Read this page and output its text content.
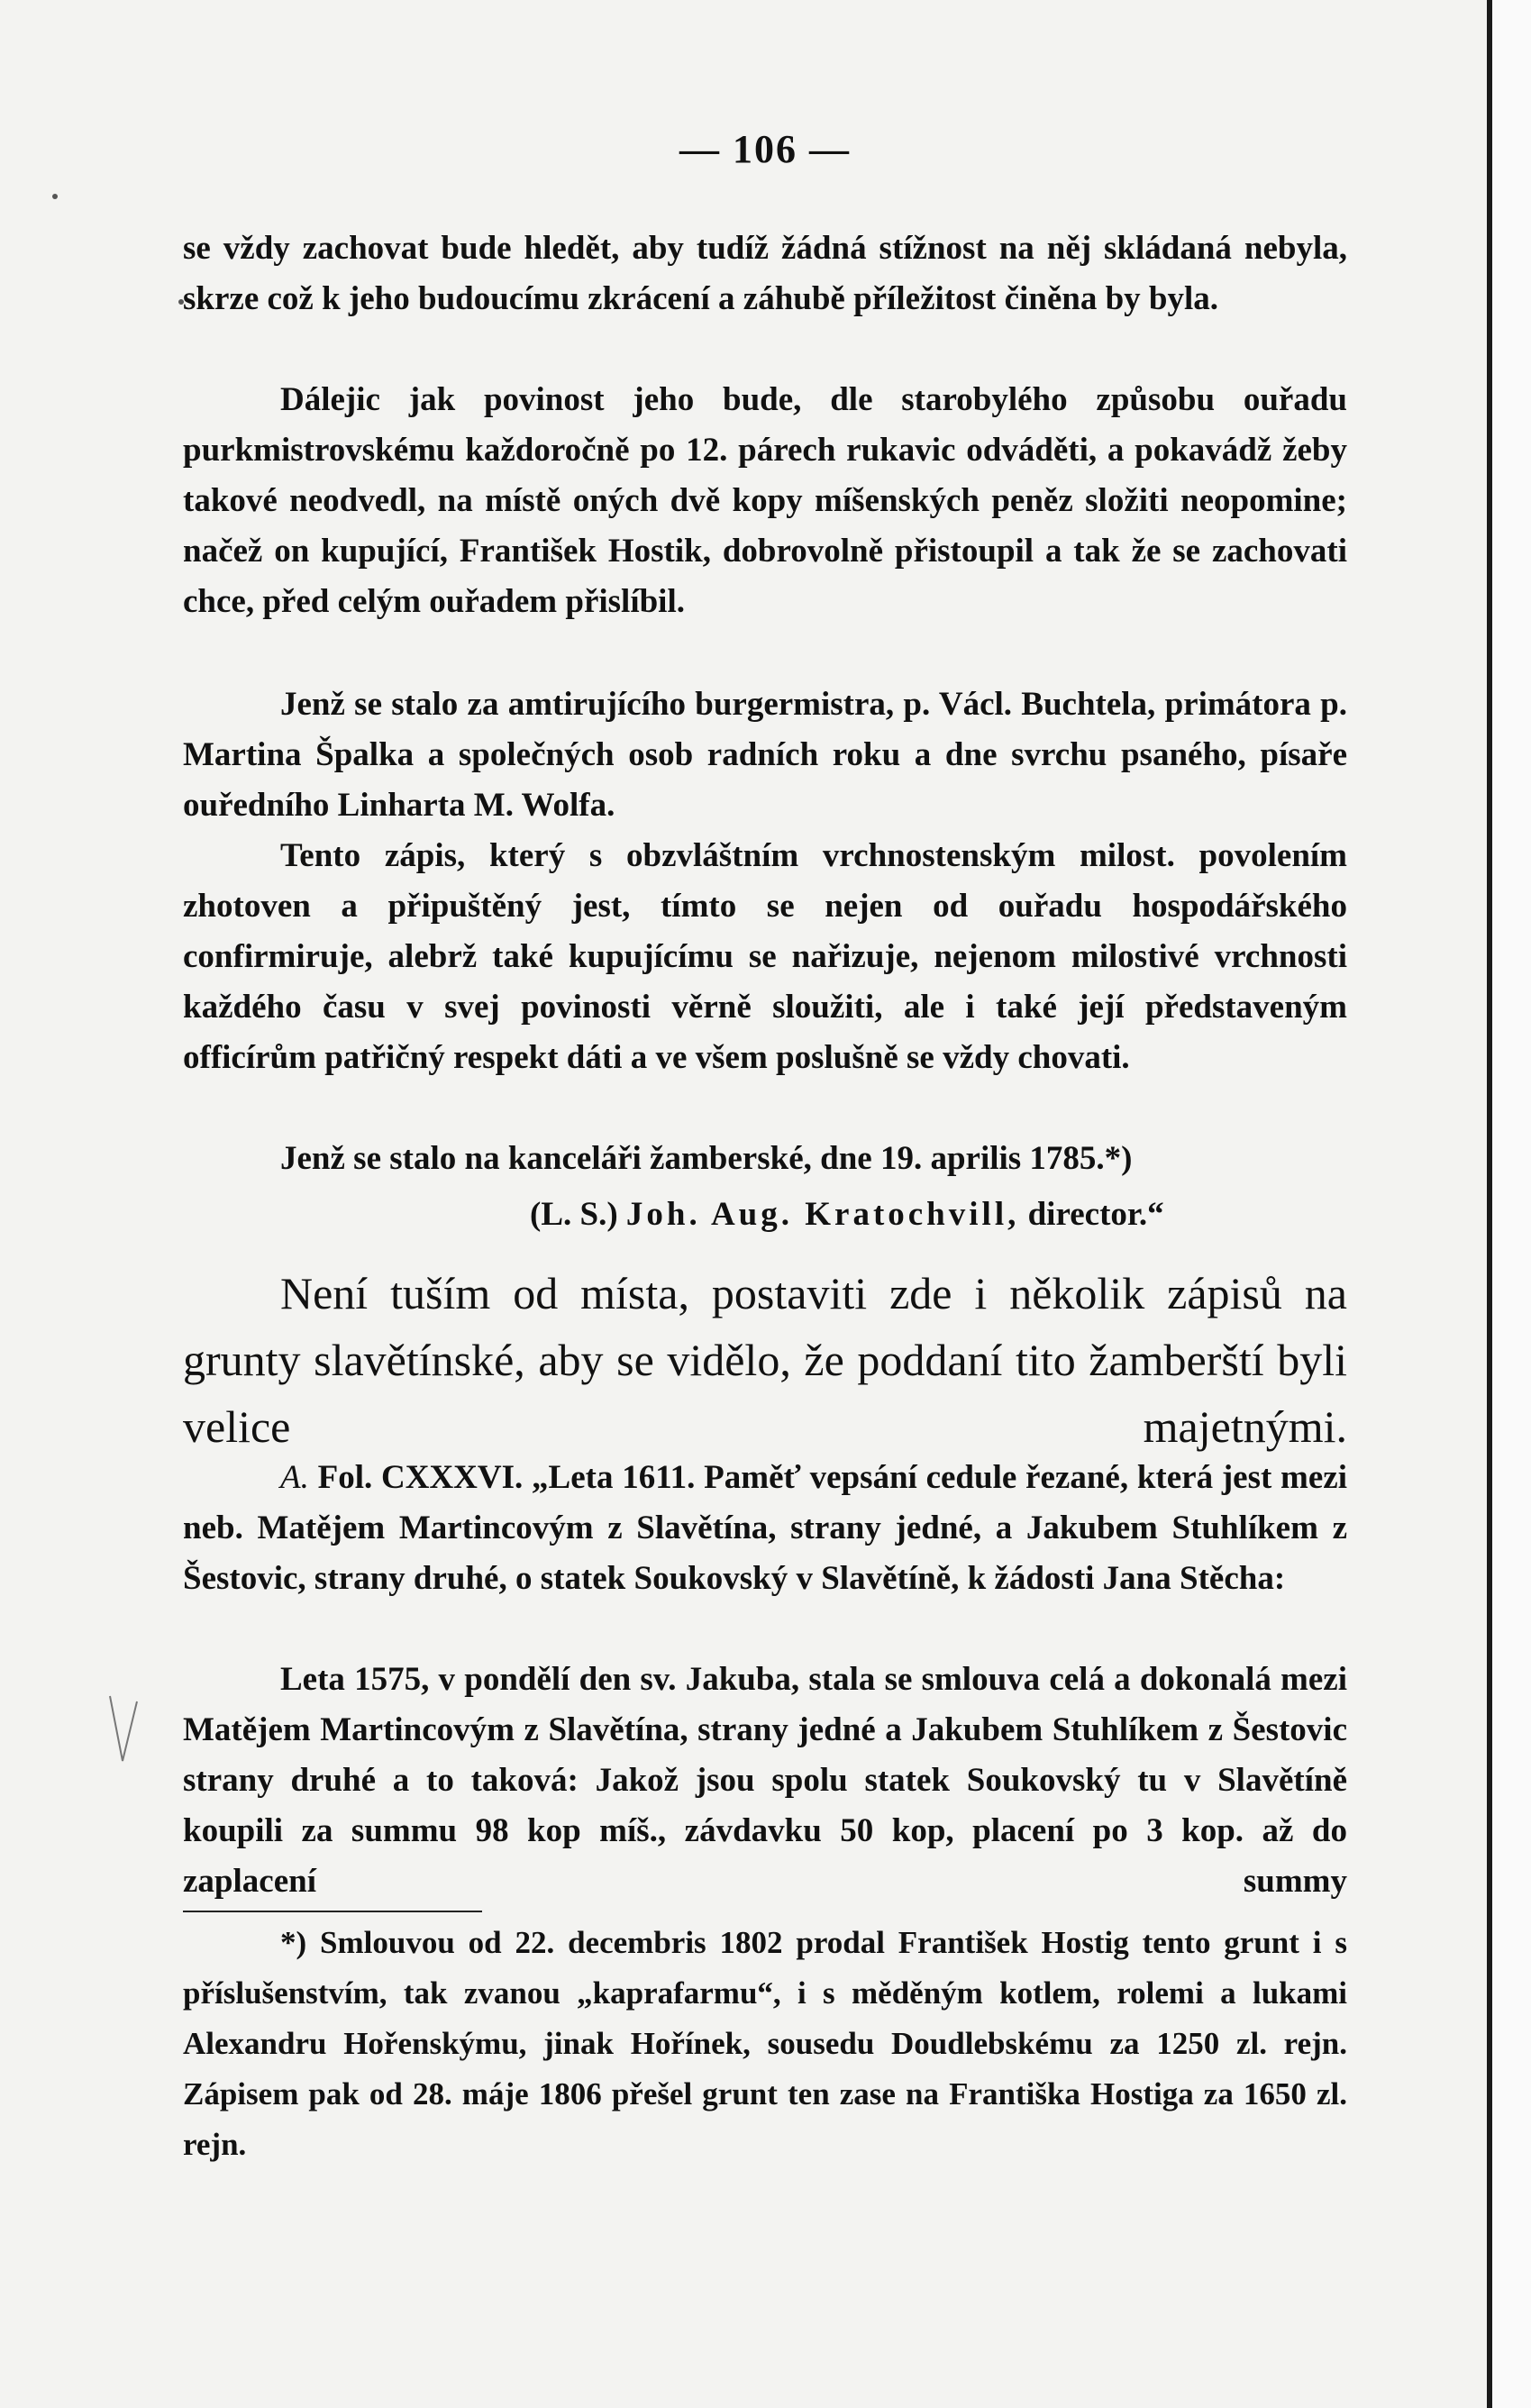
— 106 —

se vždy zachovat bude hledět, aby tudíž žádná stížnost na něj skládaná nebyla, skrze což k jeho budoucímu zkrácení a záhubě příležitost činěna by byla.

Dálejic jak povinost jeho bude, dle starobylého způsobu ouřadu purkmistrovskému každoročně po 12. párech rukavic odváděti, a pokavádž žeby takové neodvedl, na místě oných dvě kopy míšenských peněz složiti neopomine; načež on kupující, František Hostik, dobrovolně přistoupil a tak že se zachovati chce, před celým ouřadem přislíbil.

Jenž se stalo za amtirujícího burgermistra, p. Václ. Buchtela, primátora p. Martina Špalka a společných osob radních roku a dne svrchu psaného, písaře ouředního Linharta M. Wolfa.

Tento zápis, který s obzvláštním vrchnostenským milost. povolením zhotoven a připuštěný jest, tímto se nejen od ouřadu hospodářského confirmiruje, alebrž také kupujícímu se nařizuje, nejenom milostivé vrchnosti každého času v svej povinosti věrně sloužiti, ale i také její představeným officírům patřičný respekt dáti a ve všem poslušně se vždy chovati.

Jenž se stalo na kanceláři žamberské, dne 19. aprilis 1785.*)

(L. S.) Joh. Aug. Kratochvill, director.“

Není tuším od místa, postaviti zde i několik zápisů na grunty slavětínské, aby se vidělo, že poddaní tito žamberští byli velice majetnými.

A. Fol. CXXXVI. „Leta 1611. Paměť vepsání cedule řezané, která jest mezi neb. Matějem Martincovým z Slavětína, strany jedné, a Jakubem Stuhlíkem z Šestovic, strany druhé, o statek Soukovský v Slavětíně, k žádosti Jana Stěcha:

Leta 1575, v pondělí den sv. Jakuba, stala se smlouva celá a dokonalá mezi Matějem Martincovým z Slavětína, strany jedné a Jakubem Stuhlíkem z Šestovic strany druhé a to taková: Jakož jsou spolu statek Soukovský tu v Slavětíně koupili za summu 98 kop míš., závdavku 50 kop, placení po 3 kop. až do zaplacení summy

*) Smlouvou od 22. decembris 1802 prodal František Hostig tento grunt i s příslušenstvím, tak zvanou „kaprafarmu“, i s měděným kotlem, rolemi a lukami Alexandru Hořenskýmu, jinak Hořínek, sousedu Doudlebskému za 1250 zl. rejn. Zápisem pak od 28. máje 1806 přešel grunt ten zase na Františka Hostiga za 1650 zl. rejn.
